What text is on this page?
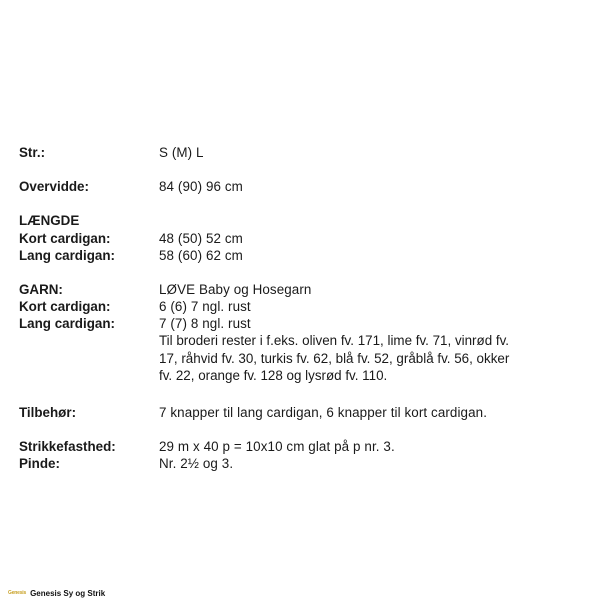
Str.:	S (M) L
Overvidde:	84 (90) 96 cm
LÆNGDE
Kort cardigan:	48 (50) 52 cm
Lang cardigan:	58 (60) 62 cm
GARN:	LØVE Baby og Hosegarn
Kort cardigan:	6 (6) 7 ngl. rust
Lang cardigan:	7 (7) 8 ngl. rust
Til broderi rester i f.eks. oliven fv. 171, lime fv. 71, vinrød fv.
17, råhvid fv. 30, turkis fv. 62, blå fv. 52, gråblå fv. 56, okker
fv. 22, orange fv. 128 og lysrød fv. 110.
Tilbehør:	7 knapper til lang cardigan, 6 knapper til kort cardigan.
Strikkefasthed:	29 m x 40 p = 10x10 cm glat på p nr. 3.
Pinde:	Nr. 2½ og 3.
Genesis Genesis Sy og Strik
